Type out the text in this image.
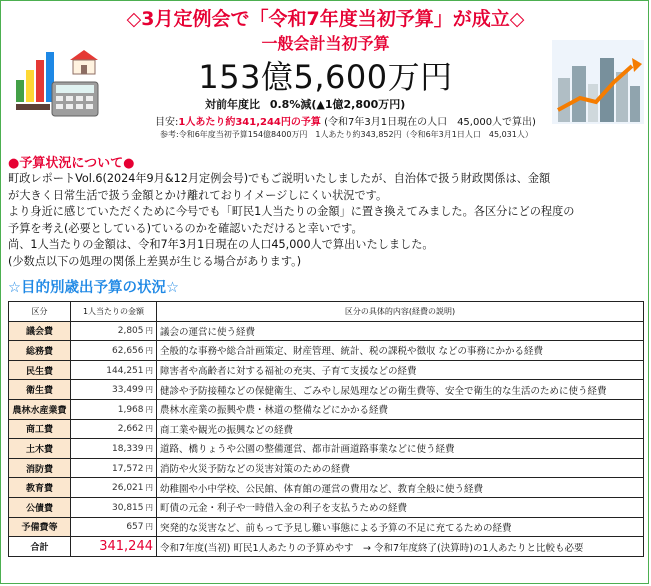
◇3月定例会で「令和7年度当初予算」が成立◇
一般会計当初予算
153億5,600万円
対前年度比 0.8%減(▲1億2,800万円)
目安:1人あたり約341,244円の予算 (令和7年3月1日現在の人口　45,000人で算出)
参考:令和6年度当初予算154億8400万円　1人あたり約343,852円（令和6年3月1日人口　45,031人）
●予算状況について●
町政レポートVol.6(2024年9月&12月定例会号)でもご説明いたしましたが、自治体で扱う財政関係は、金額
が大きく日常生活で扱う金額とかけ離れておりイメージしにくい状況です。
より身近に感じていただくために今号でも「町民1人当たりの金額」に置き換えてみました。各区分にどの程度の
予算を考え(必要としている)ているのかを確認いただけると幸いです。
尚、1人当たりの金額は、令和7年3月1日現在の人口45,000人で算出いたしました。
(少数点以下の処理の関係上差異が生じる場合があります。)
☆目的別歳出予算の状況☆
区分	1人当たりの金額	区分の具体的内容(経費の説明)
議会費	2,805 円	議会の運営に使う経費
総務費	62,656 円	全般的な事務や総合計画策定、財産管理、統計、税の課税や徴収 などの事務にかかる経費
民生費	144,251 円	障害者や高齢者に対する福祉の充実、子育て支援などの経費
衛生費	33,499 円	健診や予防接種などの保健衛生、ごみやし尿処理などの衛生費等、安全で衛生的な生活のために使う経費
農林水産業費	1,968 円	農林水産業の振興や農・林道の整備などにかかる経費
商工費	2,662 円	商工業や観光の振興などの経費
土木費	18,339 円	道路、橋りょうや公園の整備運営、都市計画道路事業などに使う経費
消防費	17,572 円	消防や火災予防などの災害対策のための経費
教育費	26,021 円	幼稚園や小中学校、公民館、体育館の運営の費用など、教育全般に使う経費
公債費	30,815 円	町債の元金・利子や一時借入金の利子を支払うための経費
予備費等	657 円	突発的な災害など、前もって予見し難い事態による予算の不足に充てるための経費
合計	341,244	令和7年度(当初) 町民1人あたりの予算めやす　→ 令和7年度終了(決算時)の1人あたりと比較も必要
